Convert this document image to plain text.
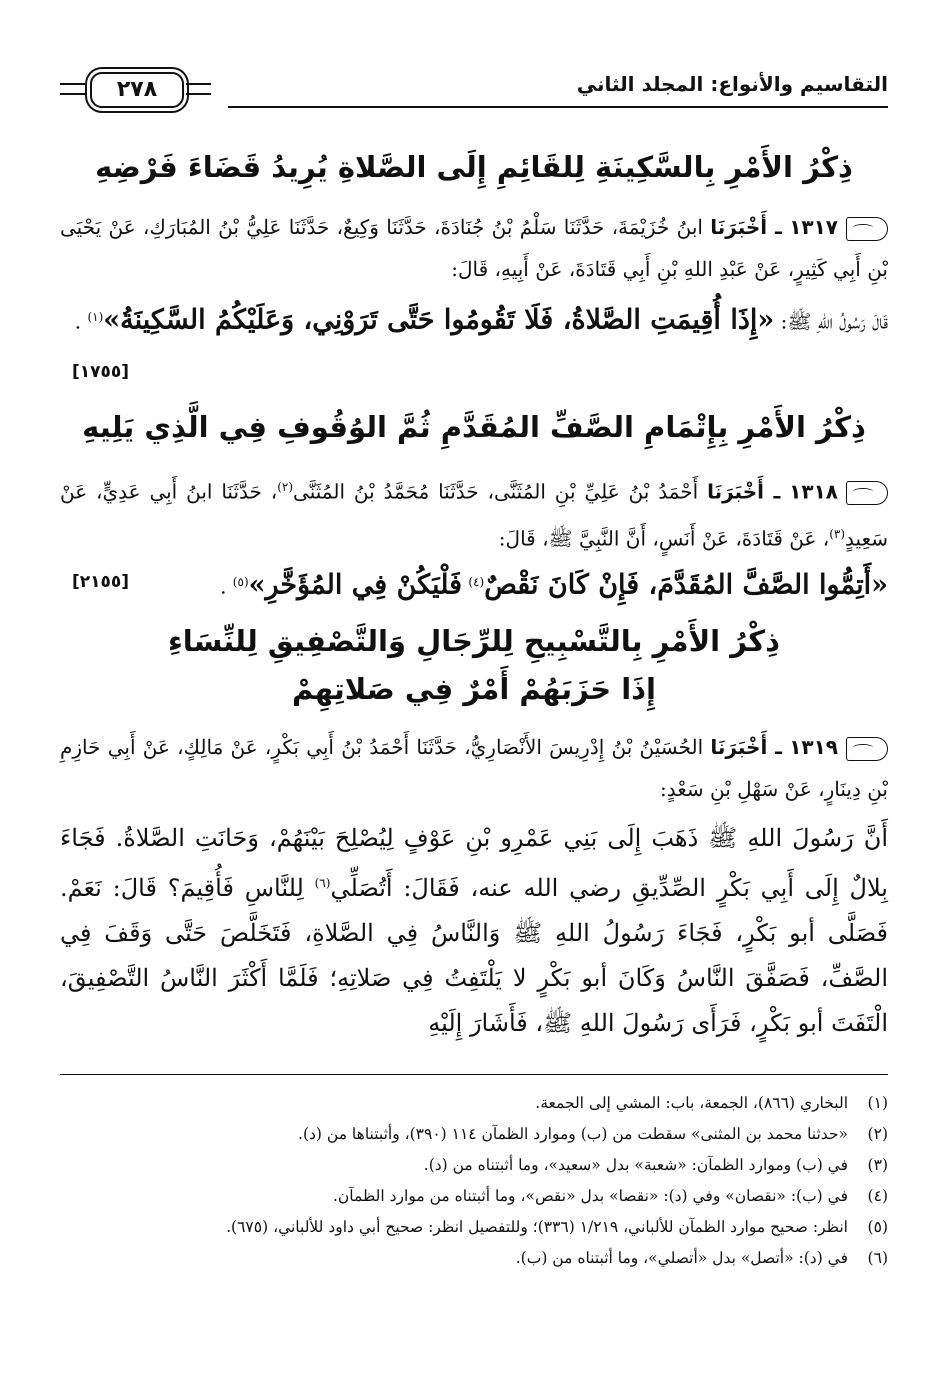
التقاسيم والأنواع: المجلد الثاني
٢٧٨
ذِكْرُ الأَمْرِ بِالسَّكِينَةِ لِلقَائِمِ إِلَى الصَّلاةِ يُرِيدُ قَضَاءَ فَرْضِهِ

١٣١٧ ـ أَخْبَرَنَا ابنُ خُزَيْمَةَ، حَدَّثَنَا سَلْمُ بْنُ جُنَادَةَ، حَدَّثَنَا وَكِيعٌ، حَدَّثَنَا عَلِيُّ بْنُ المُبَارَكِ، عَنْ يَحْيَى بْنِ أَبِي كَثِيرٍ، عَنْ عَبْدِ اللهِ بْنِ أَبِي قَتَادَةَ، عَنْ أَبِيهِ، قَالَ:

قَالَ رَسُولُ اللهِ ﷺ: «إِذَا أُقِيمَتِ الصَّلاةُ، فَلَا تَقُومُوا حَتَّى تَرَوْنِي، وَعَلَيْكُمُ السَّكِينَةُ»$^{(١)}$ .

[١٧٥٥]
ذِكْرُ الأَمْرِ بِإِتْمَامِ الصَّفِّ المُقَدَّمِ ثُمَّ الوُقُوفِ فِي الَّذِي يَلِيهِ

١٣١٨ ـ أَخْبَرَنَا أَحْمَدُ بْنُ عَلِيِّ بْنِ المُثَنَّى، حَدَّثَنَا مُحَمَّدُ بْنُ المُثَنَّى$^{(٢)}$، حَدَّثَنَا ابنُ أَبِي عَدِيٍّ، عَنْ سَعِيدٍ$^{(٣)}$، عَنْ قَتَادَةَ، عَنْ أَنَسٍ، أَنَّ النَّبِيَّ ﷺ، قَالَ:

«أَتِمُّوا الصَّفَّ المُقَدَّمَ، فَإِنْ كَانَ نَقْصٌ$^{(٤)}$ فَلْيَكُنْ فِي المُؤَخَّرِ»$^{(٥)}$ .

[٢١٥٥]
ذِكْرُ الأَمْرِ بِالتَّسْبِيحِ لِلرِّجَالِ وَالتَّصْفِيقِ لِلنِّسَاءِ
إِذَا حَزَبَهُمْ أَمْرٌ فِي صَلاتِهِمْ

١٣١٩ ـ أَخْبَرَنَا الحُسَيْنُ بْنُ إِدْرِيسَ الأَنْصَارِيُّ، حَدَّثَنَا أَحْمَدُ بْنُ أَبِي بَكْرٍ، عَنْ مَالِكٍ، عَنْ أَبِي حَازِمِ بْنِ دِينَارٍ، عَنْ سَهْلِ بْنِ سَعْدٍ:

أَنَّ رَسُولَ اللهِ ﷺ ذَهَبَ إِلَى بَنِي عَمْرِو بْنِ عَوْفٍ لِيُصْلِحَ بَيْنَهُمْ، وَحَانَتِ الصَّلاةُ. فَجَاءَ بِلالٌ إِلَى أَبِي بَكْرٍ الصِّدِّيقِ رضي الله عنه، فَقَالَ: أَتُصَلِّي$^{(٦)}$ لِلنَّاسِ فَأُقِيمَ؟ قَالَ: نَعَمْ. فَصَلَّى أبو بَكْرٍ، فَجَاءَ رَسُولُ اللهِ ﷺ وَالنَّاسُ فِي الصَّلاةِ، فَتَخَلَّصَ حَتَّى وَقَفَ فِي الصَّفِّ، فَصَفَّقَ النَّاسُ وَكَانَ أبو بَكْرٍ لا يَلْتَفِتُ فِي صَلاتِهِ؛ فَلَمَّا أَكْثَرَ النَّاسُ التَّصْفِيقَ، الْتَفَتَ أبو بَكْرٍ، فَرَأَى رَسُولَ اللهِ ﷺ، فَأَشَارَ إِلَيْهِ

(١)
البخاري (٨٦٦)، الجمعة، باب: المشي إلى الجمعة.
(٢)
«حدثنا محمد بن المثنى» سقطت من (ب) وموارد الظمآن ١١٤ (٣٩٠)، وأثبتناها من (د).
(٣)
في (ب) وموارد الظمآن: «شعبة» بدل «سعيد»، وما أثبتناه من (د).
(٤)
في (ب): «نقصان» وفي (د): «نقصا» بدل «نقص»، وما أثبتناه من موارد الظمآن.
(٥)
انظر: صحيح موارد الظمآن للألباني، ١/٢١٩ (٣٣٦)؛ وللتفصيل انظر: صحيح أبي داود للألباني، (٦٧٥).
(٦)
في (د): «أتصل» بدل «أتصلي»، وما أثبتناه من (ب).
